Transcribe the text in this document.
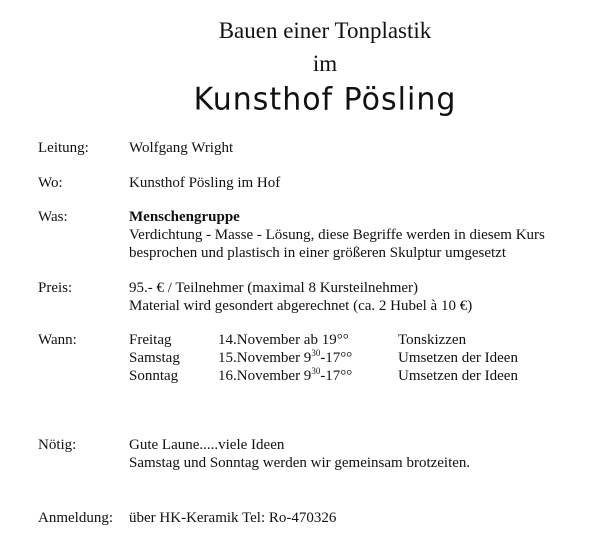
Bauen einer Tonplastik
im
Kunsthof Pösling
Leitung:	Wolfgang Wright
Wo:	Kunsthof Pösling im Hof
Was:	Menschengruppe
Verdichtung - Masse - Lösung, diese Begriffe werden in diesem Kurs
besprochen und plastisch in einer größeren Skulptur umgesetzt
Preis:	95.- € / Teilnehmer (maximal 8 Kursteilnehmer)
Material wird gesondert abgerechnet (ca. 2 Hubel à 10 €)
Wann:	Freitag	14.November ab 19°°	Tonskizzen
Samstag	15.November $9^{30}-17^\circ^\circ$	Umsetzen der Ideen
Sonntag	16.November $9^{30}-17^\circ^\circ$	Umsetzen der Ideen
Nötig:	Gute Laune.....viele Ideen
Samstag und Sonntag werden wir gemeinsam brotzeiten.
Anmeldung: über HK-Keramik Tel: Ro-470326
